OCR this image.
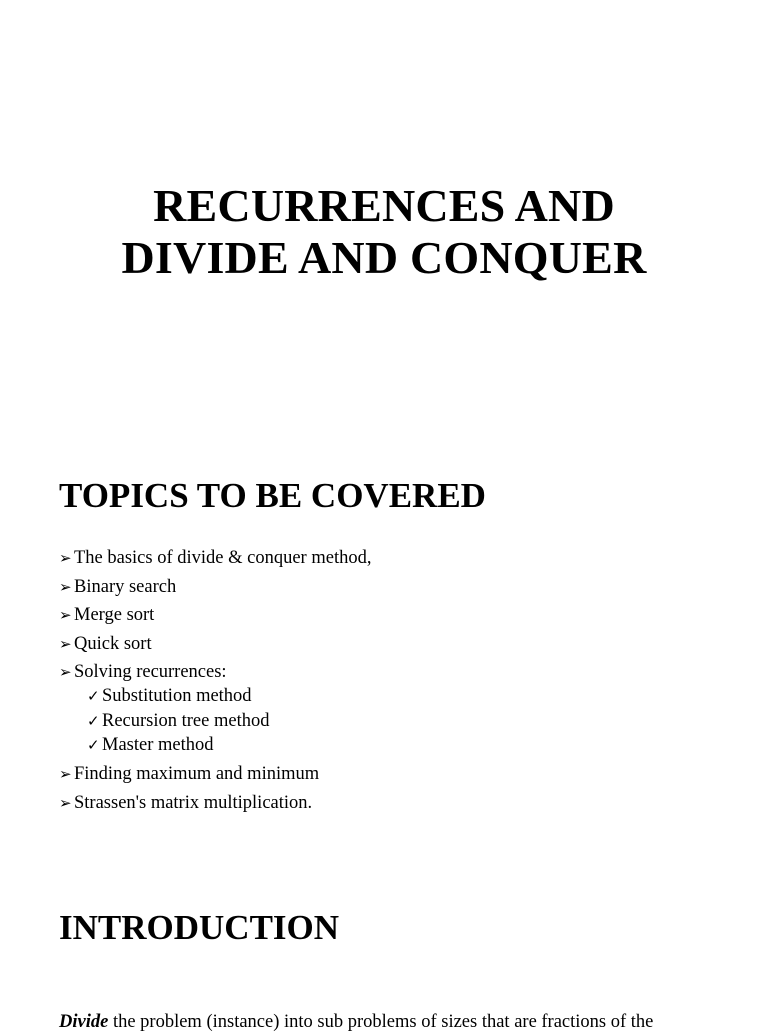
RECURRENCES AND
DIVIDE AND CONQUER
TOPICS TO BE COVERED
➢ The basics of divide & conquer method,
➢ Binary search
➢ Merge sort
➢ Quick sort
➢ Solving recurrences:
✓ Substitution method
✓ Recursion tree method
✓ Master method
➢ Finding maximum and minimum
➢ Strassen's matrix multiplication.
INTRODUCTION

Divide the problem (instance) into sub problems of sizes that are fractions of the
